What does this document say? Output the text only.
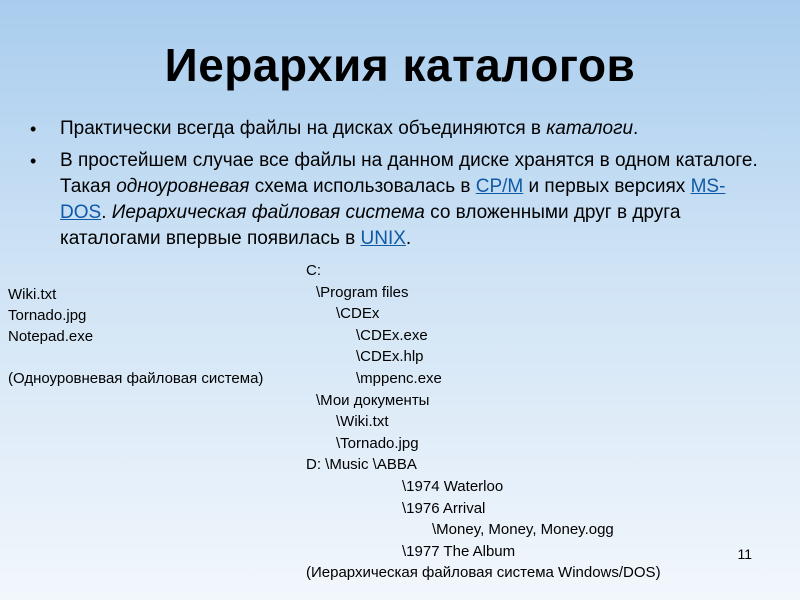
Иерархия каталогов
• Практически всегда файлы на дисках объединяются в каталоги.
• В простейшем случае все файлы на данном диске хранятся в одном каталоге. Такая одноуровневая схема использовалась в CP/M и первых версиях MS-DOS. Иерархическая файловая система со вложенными друг в друга каталогами впервые появилась в UNIX.
Wiki.txt
Tornado.jpg
Notepad.exe

(Одноуровневая файловая система)
C:
\Program files
\CDEx
\CDEx.exe
\CDEx.hlp
\mppenc.exe
\Мои документы
\Wiki.txt
\Tornado.jpg
D: \Music \ABBA
\1974 Waterloo
\1976 Arrival
\Money, Money, Money.ogg
\1977 The Album
(Иерархическая файловая система Windows/DOS)
11
